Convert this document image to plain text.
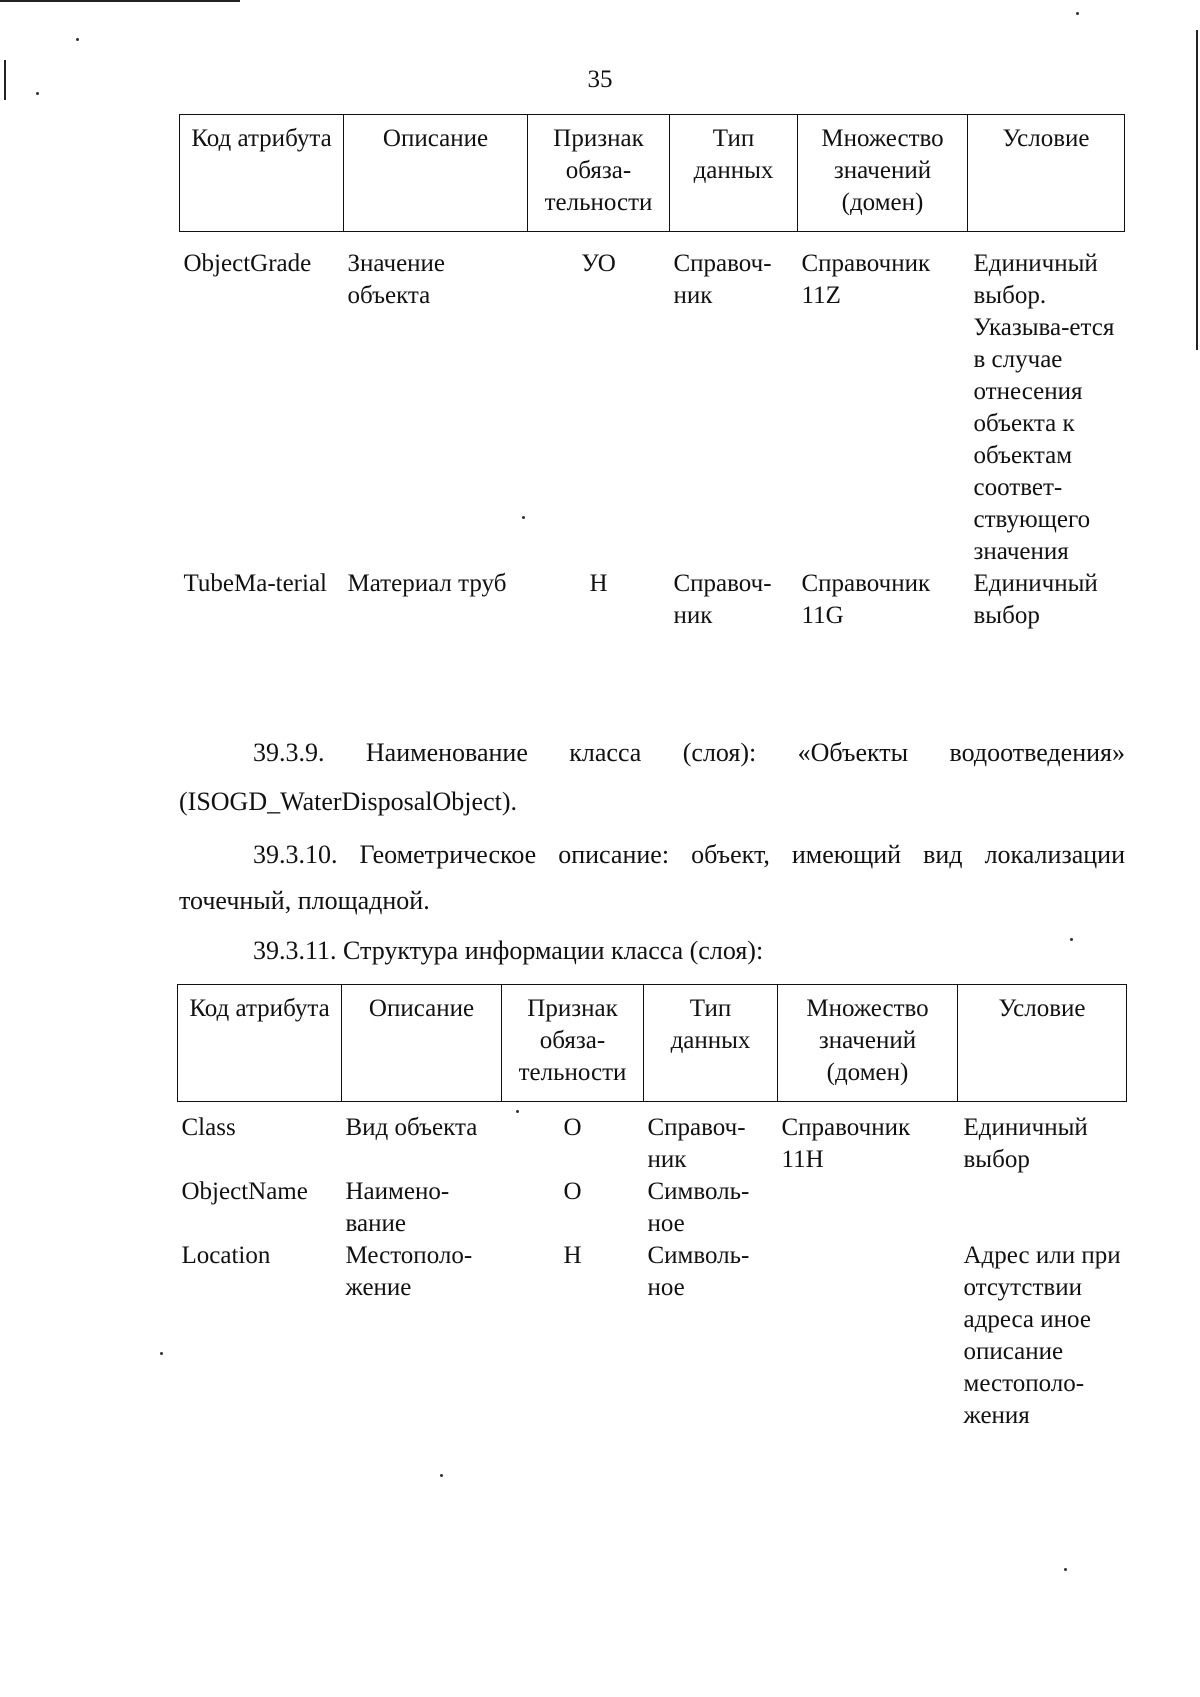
35
Код атрибута	Описание	Признак обяза-тельности	Тип данных	Множество значений (домен)	Условие
ObjectGrade	Значение объекта	УО	Справоч-ник	Справочник 11Z	Единичный выбор. Указыва-ется в случае отнесения объекта к объектам соответ-ствующего значения
TubeMa-terial	Материал труб	Н	Справоч-ник	Справочник 11G	Единичный выбор
39.3.9. Наименование класса (слоя): «Объекты водоотведения»
(ISOGD_WaterDisposalObject).
39.3.10. Геометрическое описание: объект, имеющий вид локализации
точечный, площадной.
39.3.11. Структура информации класса (слоя):
Код атрибута	Описание	Признак обяза-тельности	Тип данных	Множество значений (домен)	Условие
Class	Вид объекта	О	Справоч-ник	Справочник 11H	Единичный выбор
ObjectName	Наимено-вание	О	Символь-ное		
Location	Местополо-жение	Н	Символь-ное		Адрес или при отсутствии адреса иное описание местополо-жения
